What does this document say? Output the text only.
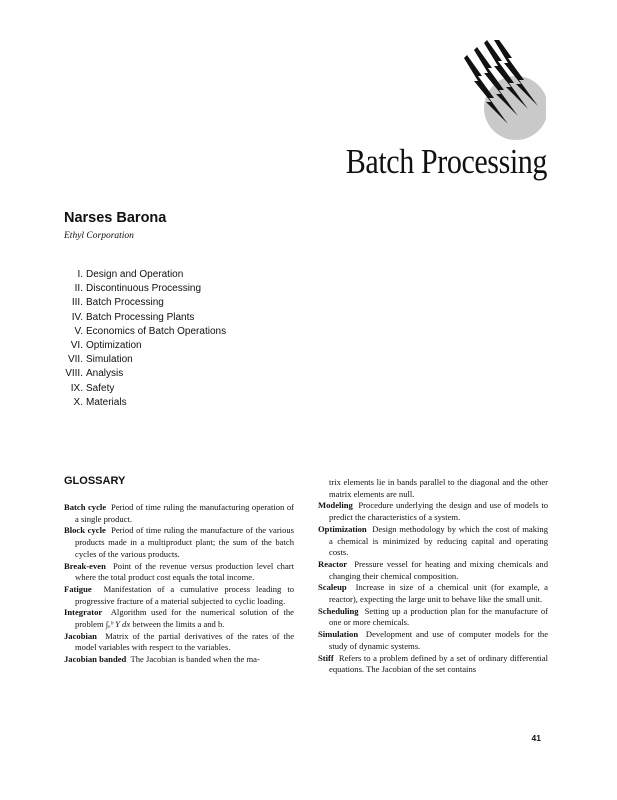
Batch Processing
Narses Barona
Ethyl Corporation
I. Design and Operation
II. Discontinuous Processing
III. Batch Processing
IV. Batch Processing Plants
V. Economics of Batch Operations
VI. Optimization
VII. Simulation
VIII. Analysis
IX. Safety
X. Materials
GLOSSARY
Batch cycle Period of time ruling the manufacturing operation of a single product.
Block cycle Period of time ruling the manufacture of the various products made in a multiproduct plant; the sum of the batch cycles of the various products.
Break-even Point of the revenue versus production level chart where the total product cost equals the total income.
Fatigue Manifestation of a cumulative process leading to progressive fracture of a material subjected to cyclic loading.
Integrator Algorithm used for the numerical solution of the problem ∫ₐᵇ Y dx between the limits a and b.
Jacobian Matrix of the partial derivatives of the rates of the model variables with respect to the variables.
Jacobian banded The Jacobian is banded when the ma-
trix elements lie in bands parallel to the diagonal and the other matrix elements are null.
Modeling Procedure underlying the design and use of models to predict the characteristics of a system.
Optimization Design methodology by which the cost of making a chemical is minimized by reducing capital and operating costs.
Reactor Pressure vessel for heating and mixing chemicals and changing their chemical composition.
Scaleup Increase in size of a chemical unit (for example, a reactor), expecting the large unit to behave like the small unit.
Scheduling Setting up a production plan for the manufacture of one or more chemicals.
Simulation Development and use of computer models for the study of dynamic systems.
Stiff Refers to a problem defined by a set of ordinary differential equations. The Jacobian of the set contains
41
